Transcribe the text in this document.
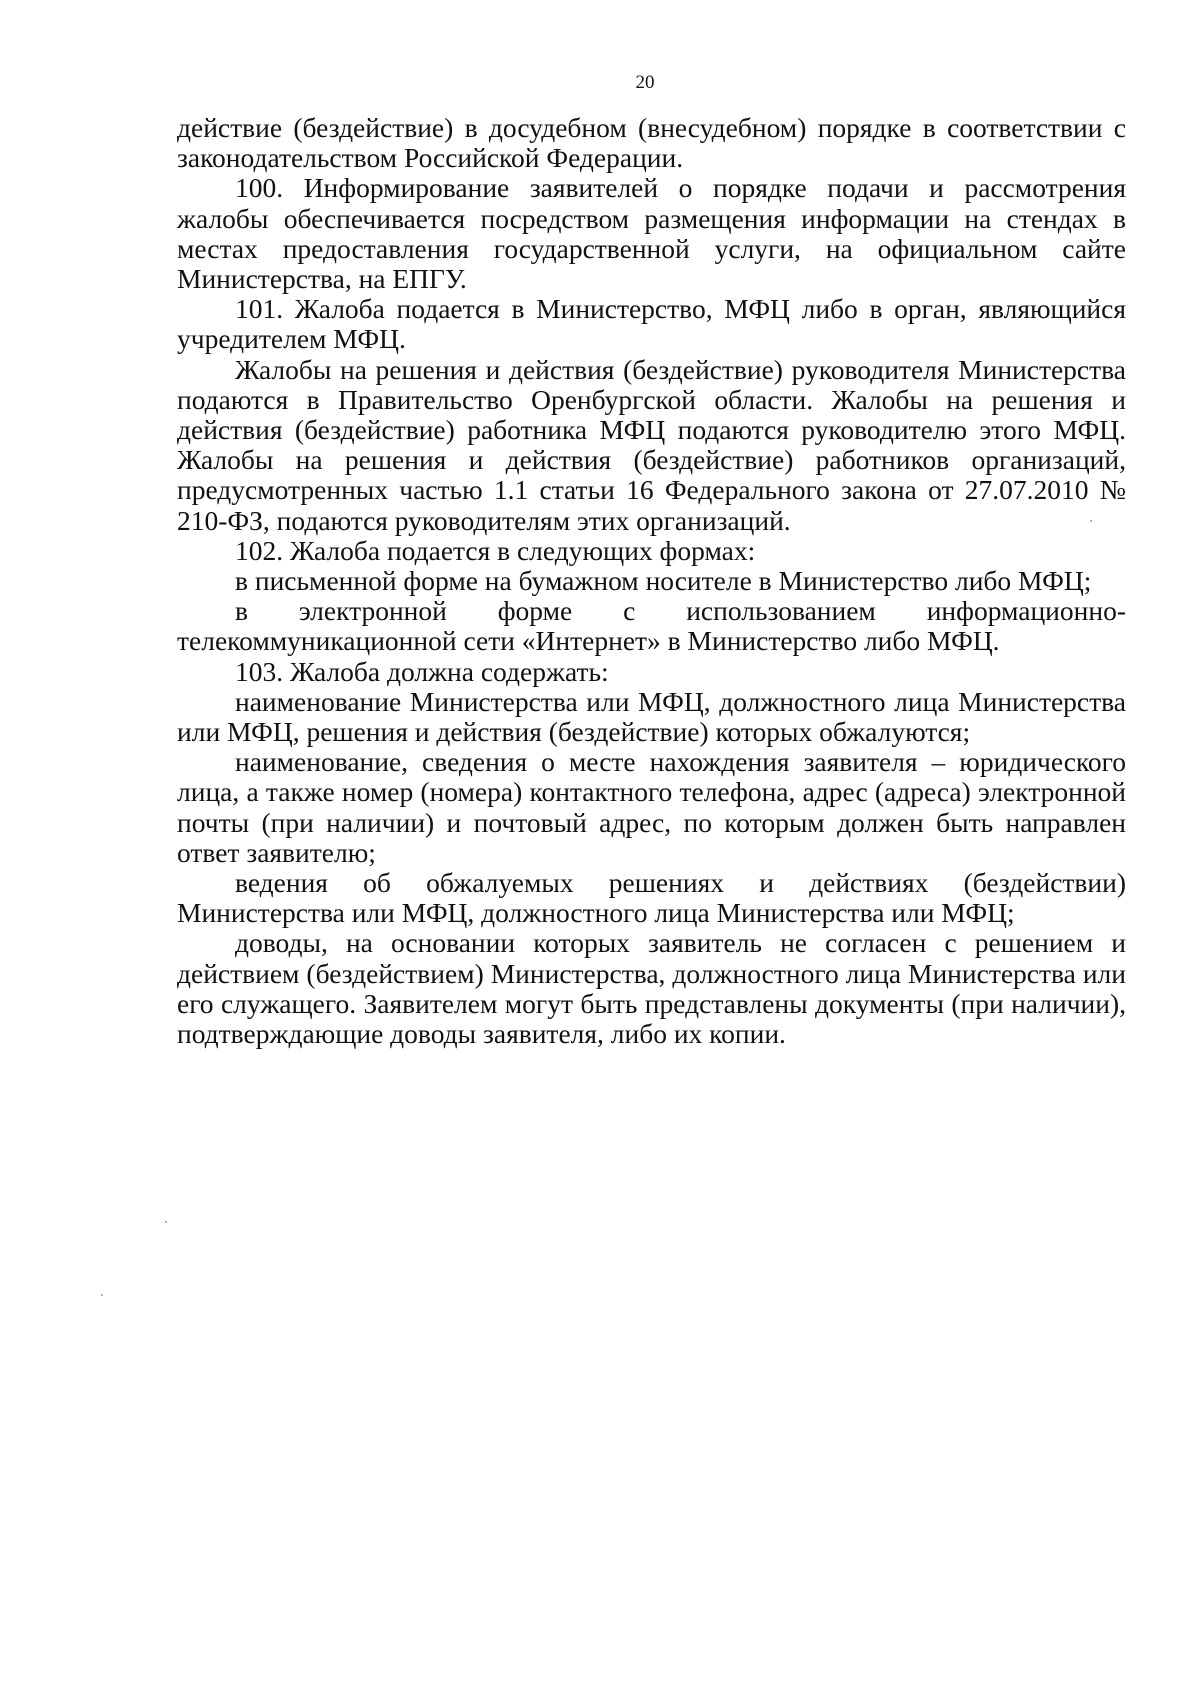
20

действие (бездействие) в досудебном (внесудебном) порядке в соответствии с законодательством Российской Федерации.

100. Информирование заявителей о порядке подачи и рассмотрения жалобы обеспечивается посредством размещения информации на стендах в местах предоставления государственной услуги, на официальном сайте Министерства, на ЕПГУ.

101. Жалоба подается в Министерство, МФЦ либо в орган, являющийся учредителем МФЦ.

Жалобы на решения и действия (бездействие) руководителя Министерства подаются в Правительство Оренбургской области. Жалобы на решения и действия (бездействие) работника МФЦ подаются руководителю этого МФЦ. Жалобы на решения и действия (бездействие) работников организаций, предусмотренных частью 1.1 статьи 16 Федерального закона от 27.07.2010 № 210-ФЗ, подаются руководителям этих организаций.

102. Жалоба подается в следующих формах:

в письменной форме на бумажном носителе в Министерство либо МФЦ;

в электронной форме с использованием информационно-телекоммуникационной сети «Интернет» в Министерство либо МФЦ.

103. Жалоба должна содержать:

наименование Министерства или МФЦ, должностного лица Министерства или МФЦ, решения и действия (бездействие) которых обжалуются;

наименование, сведения о месте нахождения заявителя – юридического лица, а также номер (номера) контактного телефона, адрес (адреса) электронной почты (при наличии) и почтовый адрес, по которым должен быть направлен ответ заявителю;

ведения об обжалуемых решениях и действиях (бездействии) Министерства или МФЦ, должностного лица Министерства или МФЦ;

доводы, на основании которых заявитель не согласен с решением и действием (бездействием) Министерства, должностного лица Министерства или его служащего. Заявителем могут быть представлены документы (при наличии), подтверждающие доводы заявителя, либо их копии.
